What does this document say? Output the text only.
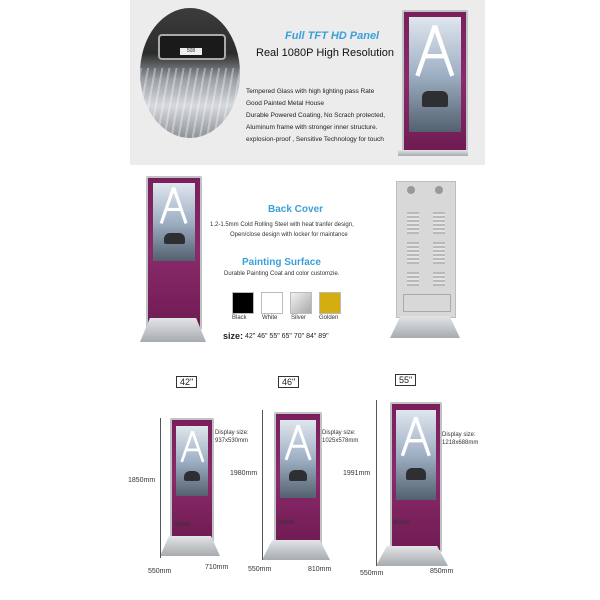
508
Full TFT HD Panel
Real 1080P High Resolution
Tempered Glass with high lighting pass Rate
Good Painted Metal House
Durable Powered Coating, No Scrach protected,
Aluminum frame with stronger inner structure.
explosion-proof , Sensitive Technology for touch
Back Cover
1.2-1.5mm Cold Rolling Steel with heat tranfer design,
Open/close design with locker for maintance
Painting Surface
Durable Painting Coat and color customzie.
Black	White Silver Golden
size: 42" 46" 55" 65" 70" 84" 89"
42"
Display size:
937x530mm
1850mm
90mm
550mm
710mm
46"
Display size:
1025x578mm
1980mm
90mm
550mm	810mm
55"
Display size:
1218x688mm
1991mm
90mm
550mm	850mm
